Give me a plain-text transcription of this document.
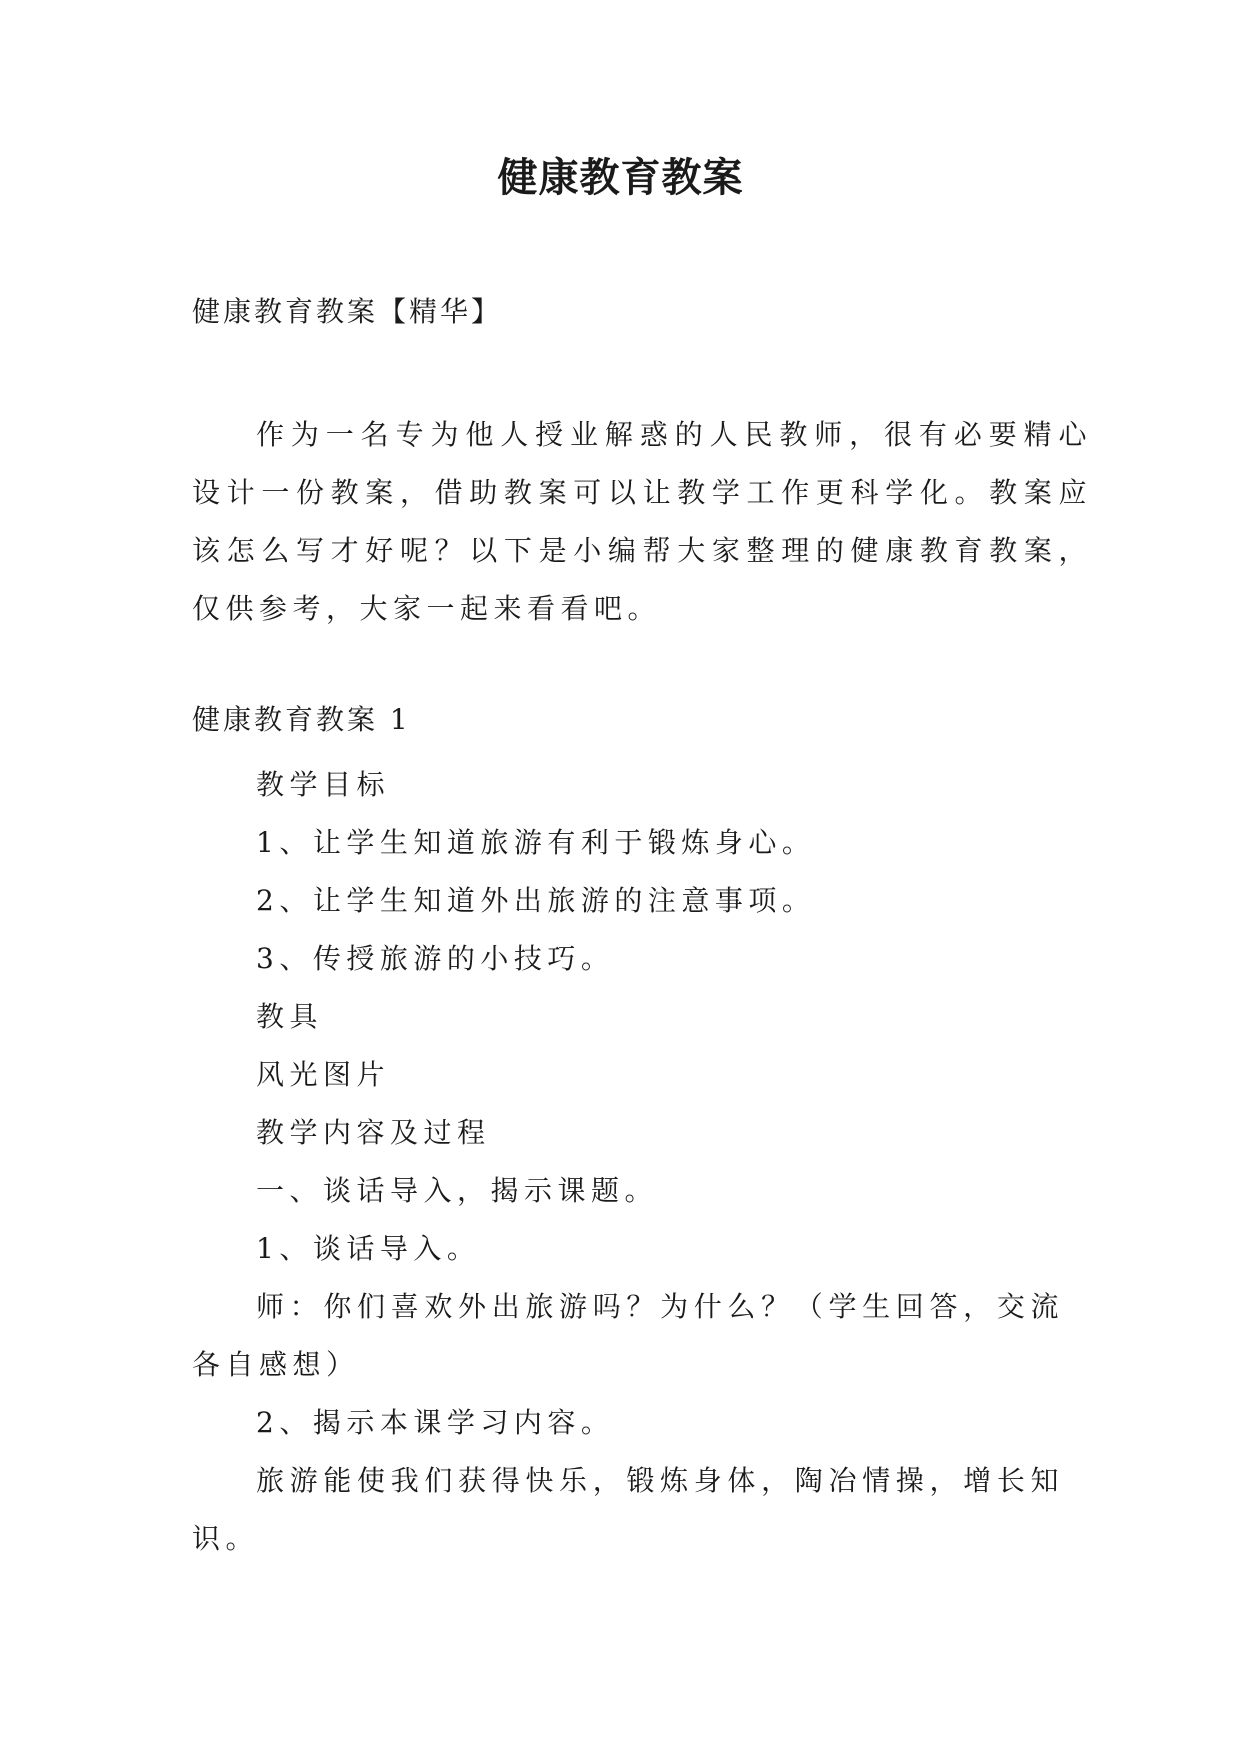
健康教育教案

健康教育教案【精华】

作为一名专为他人授业解惑的人民教师，很有必要精心设计一份教案，借助教案可以让教学工作更科学化。教案应该怎么写才好呢？以下是小编帮大家整理的健康教育教案，仅供参考，大家一起来看看吧。

健康教育教案 1

教学目标

1、让学生知道旅游有利于锻炼身心。

2、让学生知道外出旅游的注意事项。

3、传授旅游的小技巧。

教具

风光图片

教学内容及过程

一、谈话导入，揭示课题。

1、谈话导入。

师：你们喜欢外出旅游吗？为什么？（学生回答，交流各自感想）

2、揭示本课学习内容。

旅游能使我们获得快乐，锻炼身体，陶冶情操，增长知识。
